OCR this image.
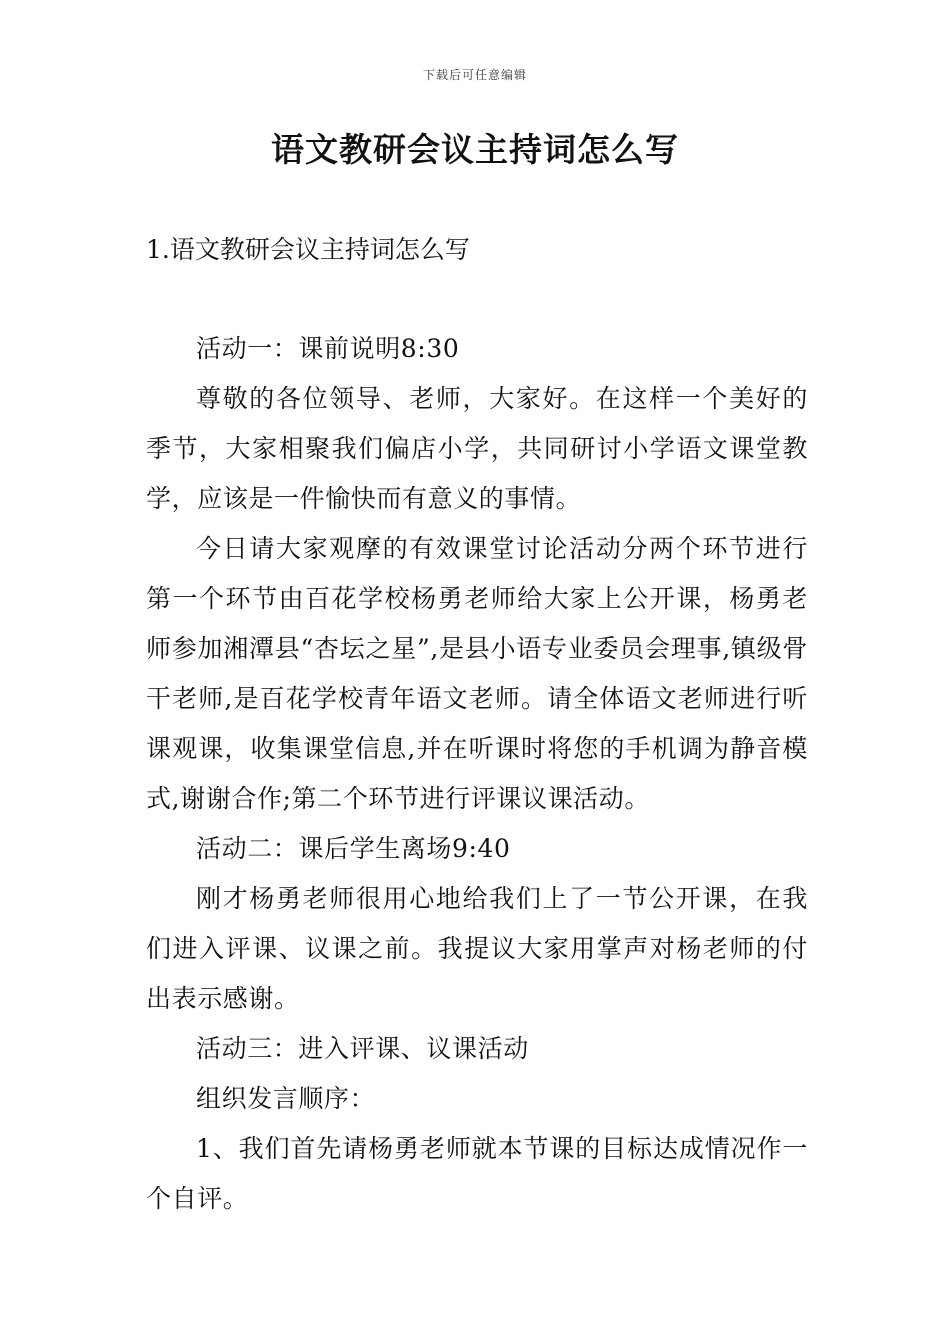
下载后可任意编辑
语文教研会议主持词怎么写
1.语文教研会议主持词怎么写

活动一：课前说明8:30

尊敬的各位领导、老师，大家好。在这样一个美好的季节，大家相聚我们偏店小学，共同研讨小学语文课堂教学，应该是一件愉快而有意义的事情。

今日请大家观摩的有效课堂讨论活动分两个环节进行第一个环节由百花学校杨勇老师给大家上公开课，杨勇老师参加湘潭县“杏坛之星”,是县小语专业委员会理事,镇级骨干老师,是百花学校青年语文老师。请全体语文老师进行听课观课，收集课堂信息,并在听课时将您的手机调为静音模式,谢谢合作;第二个环节进行评课议课活动。

活动二：课后学生离场9:40

刚才杨勇老师很用心地给我们上了一节公开课，在我们进入评课、议课之前。我提议大家用掌声对杨老师的付出表示感谢。

活动三：进入评课、议课活动

组织发言顺序：

1、我们首先请杨勇老师就本节课的目标达成情况作一个自评。
